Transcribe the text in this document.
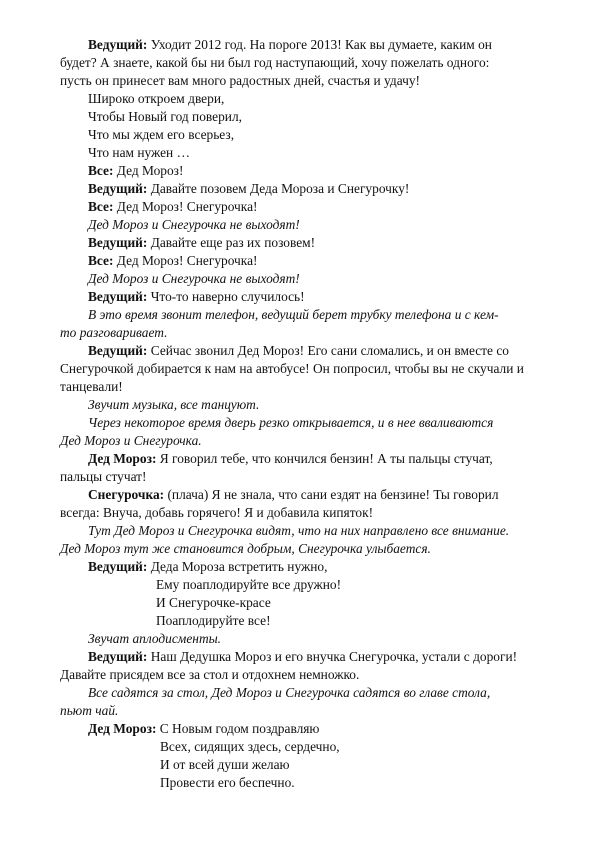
Ведущий: Уходит 2012 год. На пороге 2013! Как вы думаете, каким он

будет? А знаете, какой бы ни был год наступающий, хочу пожелать одного:

пусть он принесет вам много радостных дней, счастья и удачу!

Широко откроем двери,

Чтобы Новый год поверил,

Что мы ждем его всерьез,

Что нам нужен …

Все: Дед Мороз!

Ведущий: Давайте позовем Деда Мороза и Снегурочку!

Все: Дед Мороз! Снегурочка!

Дед Мороз и Снегурочка не выходят!

Ведущий: Давайте еще раз их позовем!

Все: Дед Мороз! Снегурочка!

Дед Мороз и Снегурочка не выходят!

Ведущий: Что-то наверно случилось!

В это время звонит телефон, ведущий берет трубку телефона и с кем-

то разговаривает.

Ведущий: Сейчас звонил Дед Мороз! Его сани сломались, и он вместе со

Снегурочкой добирается к нам на автобусе! Он попросил, чтобы вы не скучали и

танцевали!

Звучит музыка, все танцуют.

Через некоторое время дверь резко открывается, и в нее вваливаются

Дед Мороз и Снегурочка.

Дед Мороз: Я говорил тебе, что кончился бензин! А ты пальцы стучат,

пальцы стучат!

Снегурочка: (плача) Я не знала, что сани ездят на бензине! Ты говорил

всегда: Внуча, добавь горячего! Я и добавила кипяток!

Тут Дед Мороз и Снегурочка видят, что на них направлено все внимание.

Дед Мороз тут же становится добрым, Снегурочка улыбается.

Ведущий: Деда Мороза встретить нужно,

Ему поаплодируйте все дружно!

И Снегурочке-красе

Поаплодируйте все!

Звучат аплодисменты.

Ведущий: Наш Дедушка Мороз и его внучка Снегурочка, устали с дороги!

Давайте присядем все за стол и отдохнем немножко.

Все садятся за стол, Дед Мороз и Снегурочка садятся во главе стола,

пьют чай.

Дед Мороз: С Новым годом поздравляю

Всех, сидящих здесь, сердечно,

И от всей души желаю

Провести его беспечно.
